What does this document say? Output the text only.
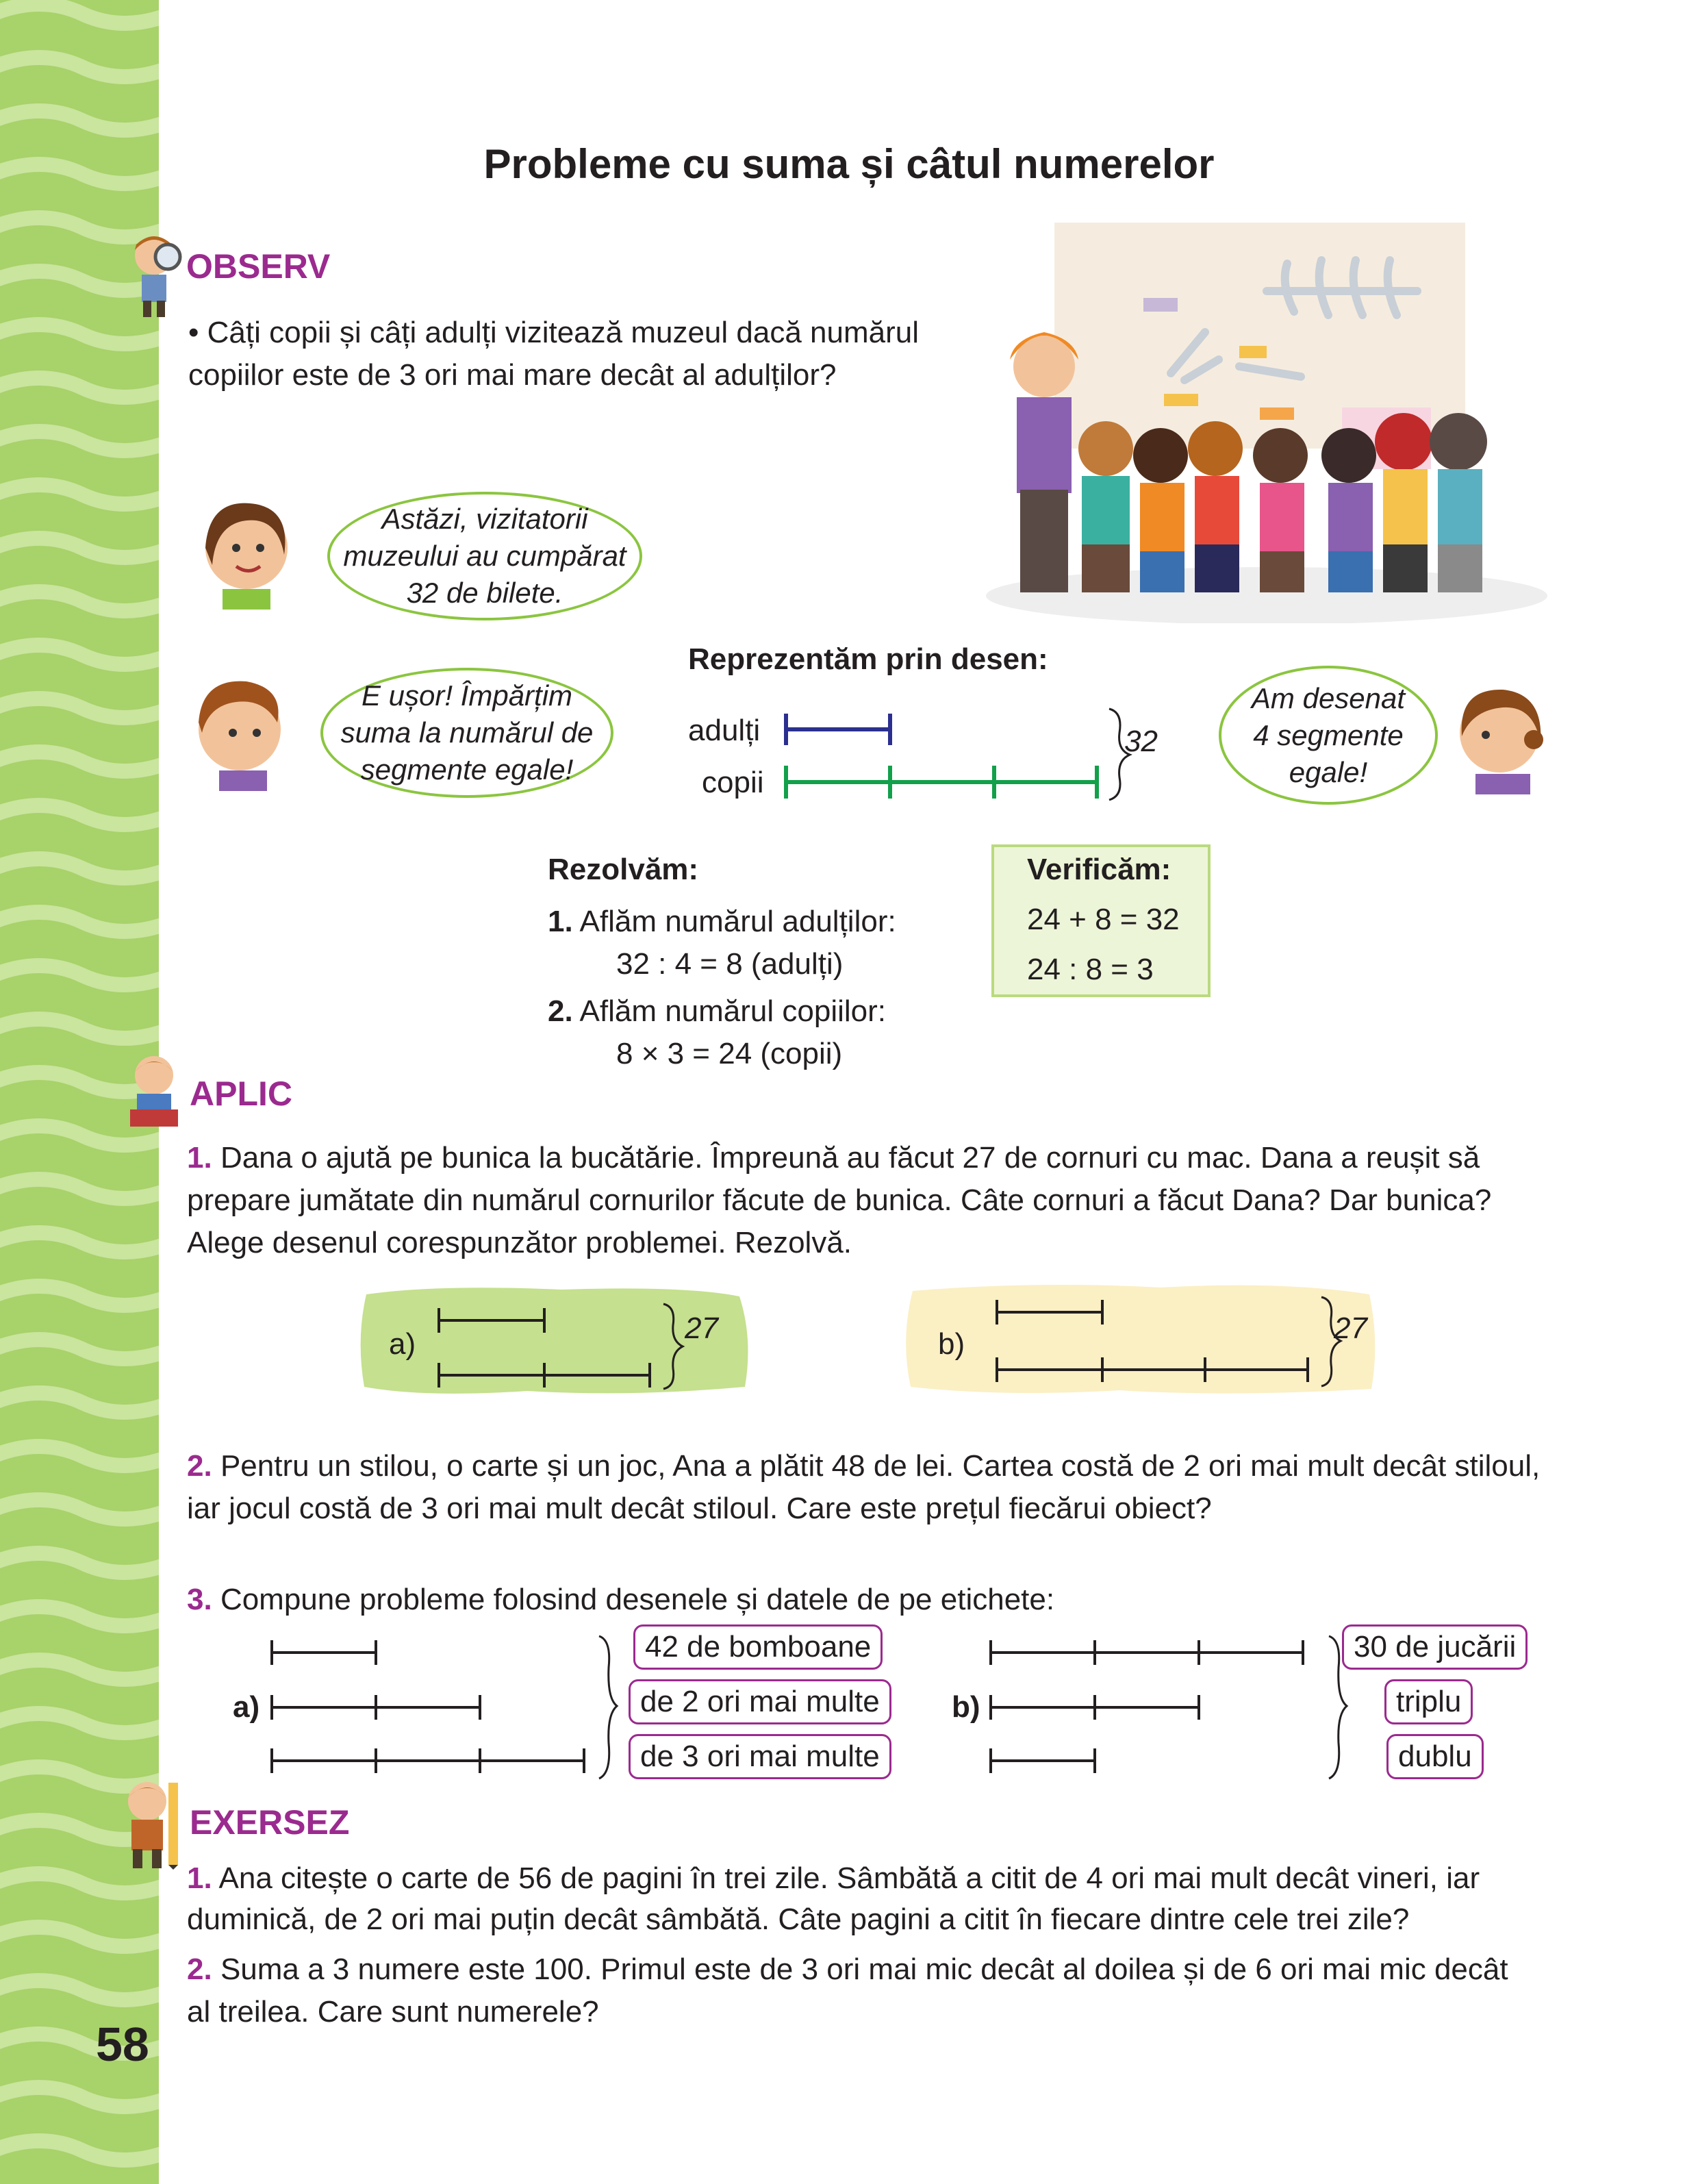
Probleme cu suma și câtul numerelor
OBSERV
• Câți copii și câți adulți vizitează muzeul dacă numărul
copiilor este de 3 ori mai mare decât al adulților?
Astăzi, vizitatorii
muzeului au cumpărat
32 de bilete.
E ușor! Împărțim
suma la numărul de
segmente egale!
Reprezentăm prin desen:
adulți
copii
32
Am desenat
4 segmente
egale!
Rezolvăm:
1. Aflăm numărul adulților:
32 : 4 = 8 (adulți)
2. Aflăm numărul copiilor:
8 × 3 = 24 (copii)
Verificăm:
24 + 8 = 32
24 : 8 = 3
APLIC
1. Dana o ajută pe bunica la bucătărie. Împreună au făcut 27 de cornuri cu mac. Dana a reușit să
prepare jumătate din numărul cornurilor făcute de bunica. Câte cornuri a făcut Dana? Dar bunica?
Alege desenul corespunzător problemei. Rezolvă.
a)	27	b)	27
2. Pentru un stilou, o carte și un joc, Ana a plătit 48 de lei. Cartea costă de 2 ori mai mult decât stiloul,
iar jocul costă de 3 ori mai mult decât stiloul. Care este prețul fiecărui obiect?
3. Compune probleme folosind desenele și datele de pe etichete:
a)
42 de bomboane
de 2 ori mai multe
de 3 ori mai multe
b)
30 de jucării
triplu
dublu
EXERSEZ
1. Ana citește o carte de 56 de pagini în trei zile. Sâmbătă a citit de 4 ori mai mult decât vineri, iar
duminică, de 2 ori mai puțin decât sâmbătă. Câte pagini a citit în fiecare dintre cele trei zile?
2. Suma a 3 numere este 100. Primul este de 3 ori mai mic decât al doilea și de 6 ori mai mic decât
al treilea. Care sunt numerele?
58
